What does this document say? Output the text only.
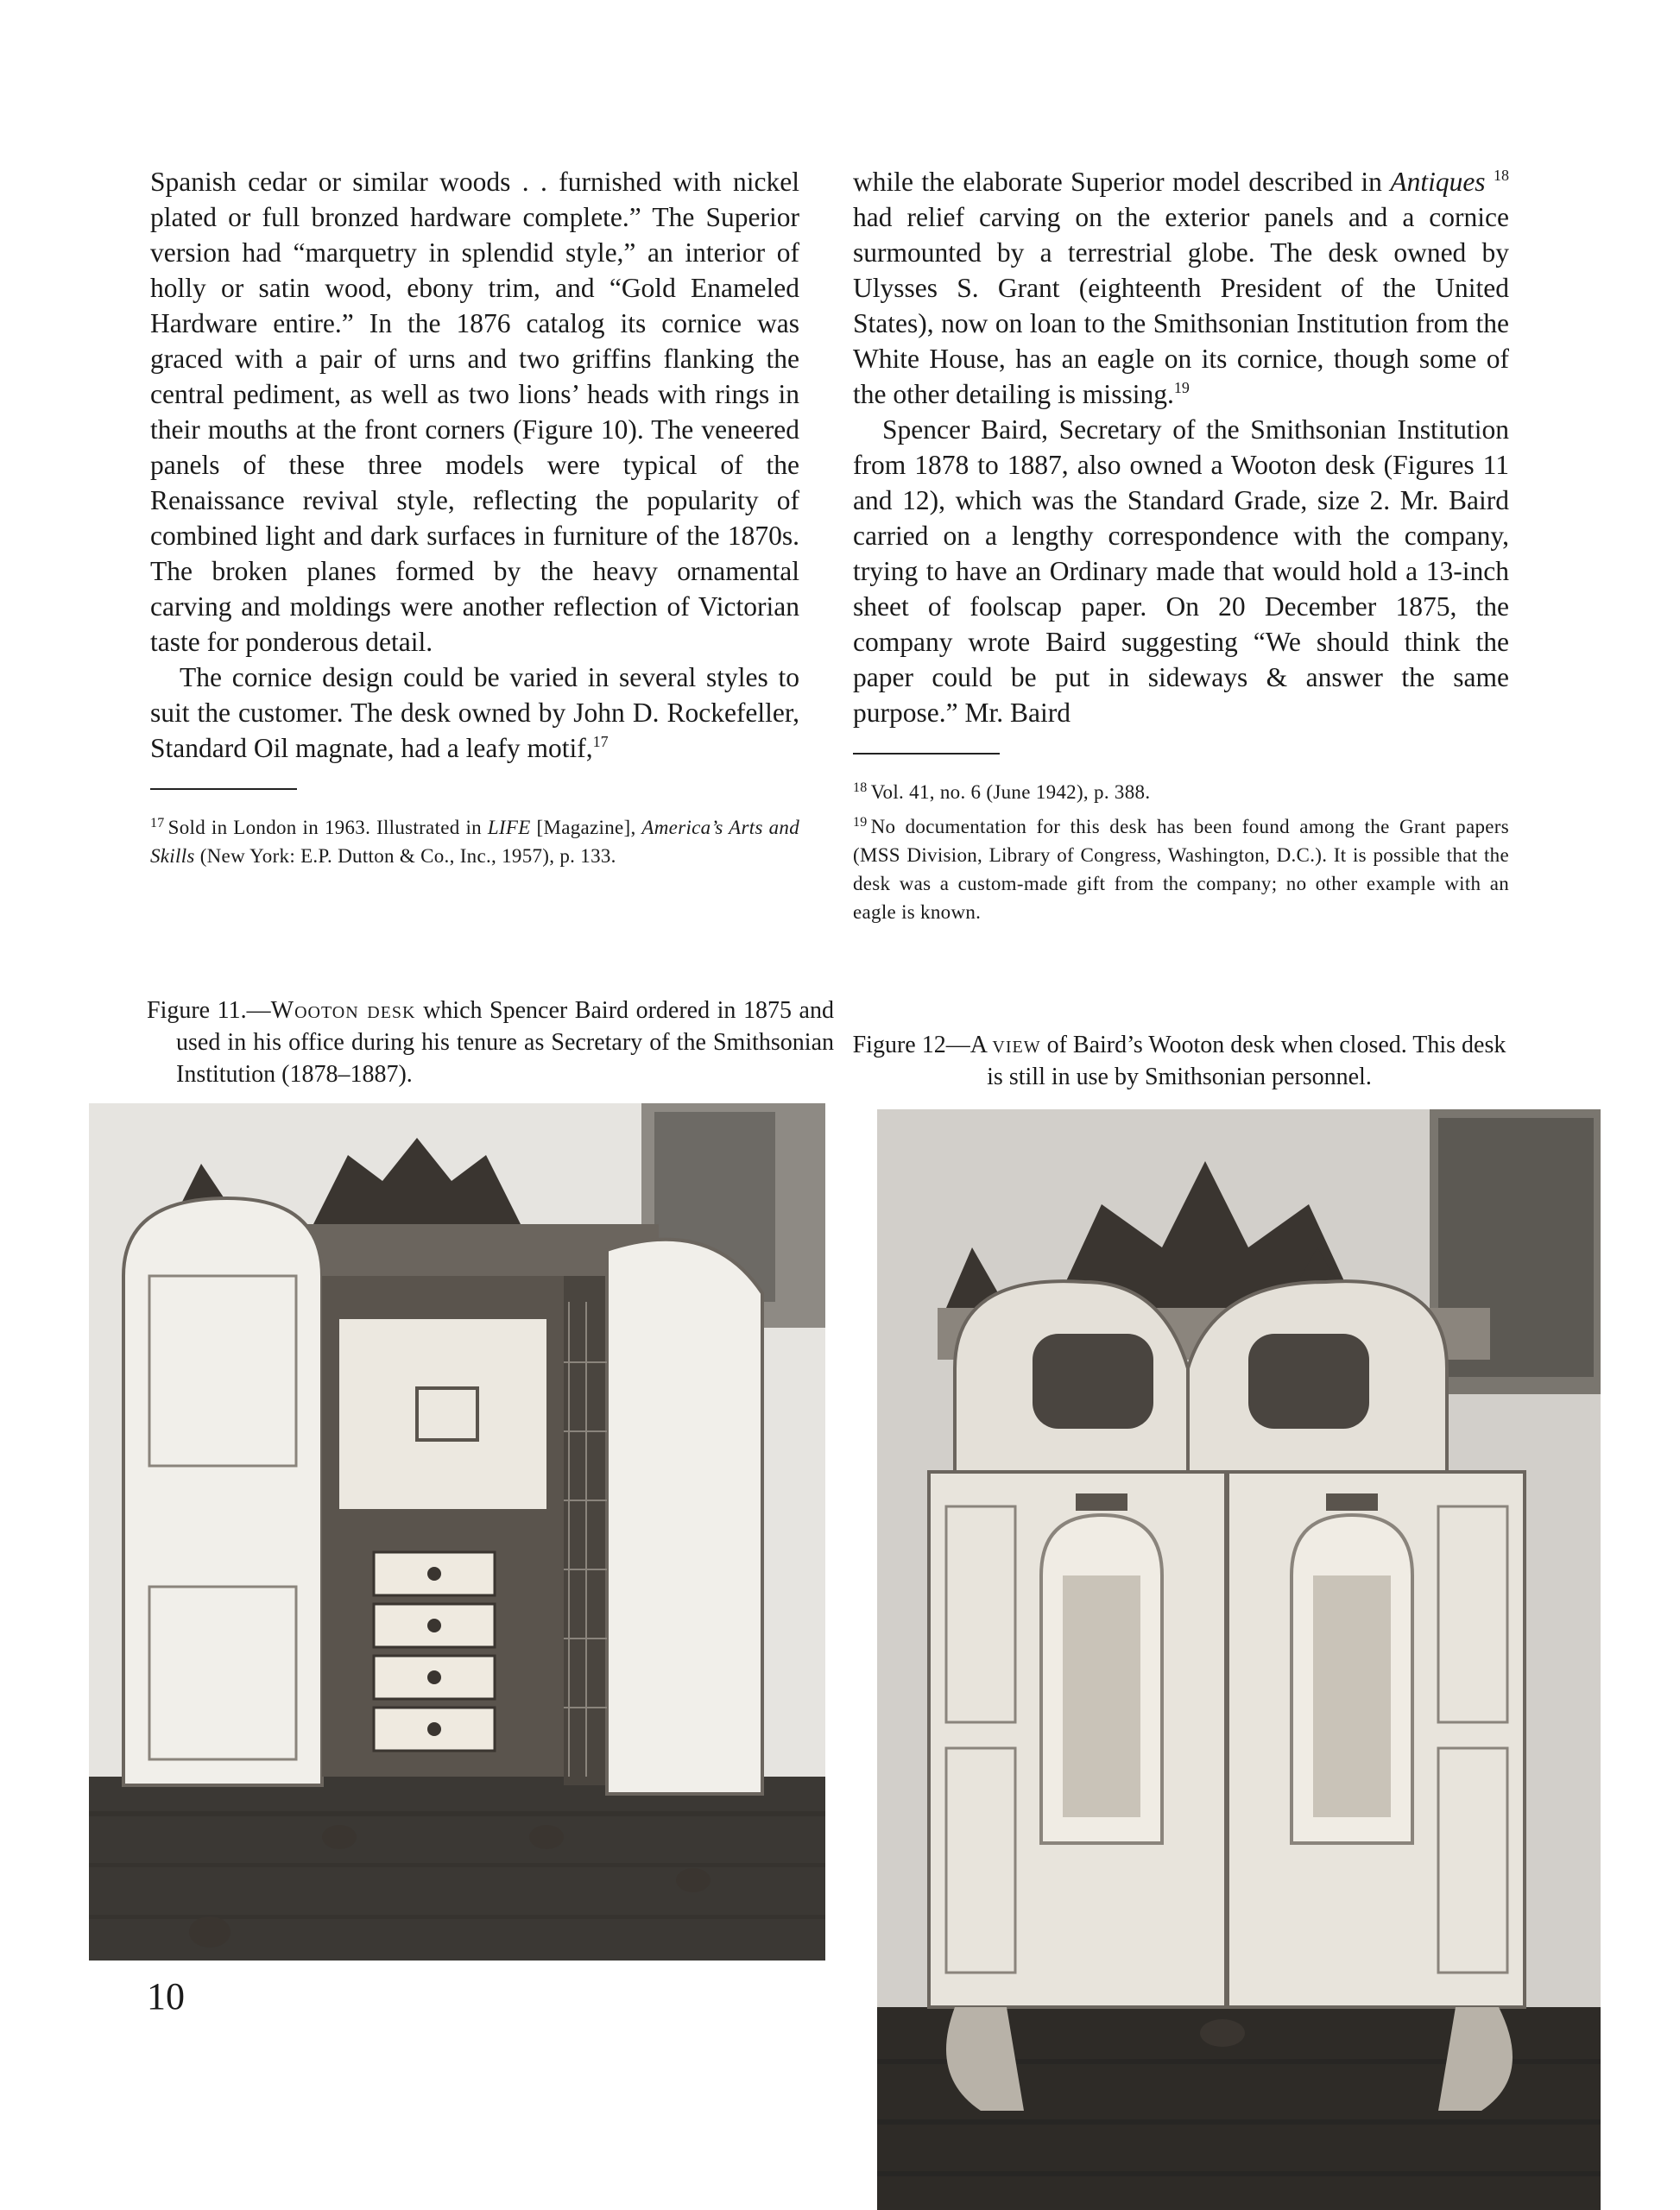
Spanish cedar or similar woods . . furnished with nickel plated or full bronzed hardware complete.” The Superior version had “marquetry in splendid style,” an interior of holly or satin wood, ebony trim, and “Gold Enameled Hardware entire.” In the 1876 catalog its cornice was graced with a pair of urns and two griffins flanking the central pediment, as well as two lions’ heads with rings in their mouths at the front corners (Figure 10). The veneered panels of these three models were typical of the Renaissance revival style, reflecting the popularity of combined light and dark surfaces in furniture of the 1870s. The broken planes formed by the heavy ornamental carving and moldings were another reflection of Victorian taste for ponderous detail.

The cornice design could be varied in several styles to suit the customer. The desk owned by John D. Rockefeller, Standard Oil magnate, had a leafy motif,$^{17}$

$^{17}$ Sold in London in 1963. Illustrated in LIFE [Magazine], America’s Arts and Skills (New York: E.P. Dutton & Co., Inc., 1957), p. 133.

while the elaborate Superior model described in Antiques $^{18}$ had relief carving on the exterior panels and a cornice surmounted by a terrestrial globe. The desk owned by Ulysses S. Grant (eighteenth President of the United States), now on loan to the Smithsonian Institution from the White House, has an eagle on its cornice, though some of the other detailing is missing.$^{19}$

Spencer Baird, Secretary of the Smithsonian Institution from 1878 to 1887, also owned a Wooton desk (Figures 11 and 12), which was the Standard Grade, size 2. Mr. Baird carried on a lengthy correspondence with the company, trying to have an Ordinary made that would hold a 13-inch sheet of foolscap paper. On 20 December 1875, the company wrote Baird suggesting “We should think the paper could be put in sideways & answer the same purpose.” Mr. Baird

$^{18}$ Vol. 41, no. 6 (June 1942), p. 388.

$^{19}$ No documentation for this desk has been found among the Grant papers (MSS Division, Library of Congress, Washington, D.C.). It is possible that the desk was a custom-made gift from the company; no other example with an eagle is known.

Figure 11.—Wooton desk which Spencer Baird ordered in 1875 and used in his office during his tenure as Secretary of the Smithsonian Institution (1878–1887).
Figure 12—A view of Baird’s Wooton desk when closed. This desk is still in use by Smithsonian personnel.
10
